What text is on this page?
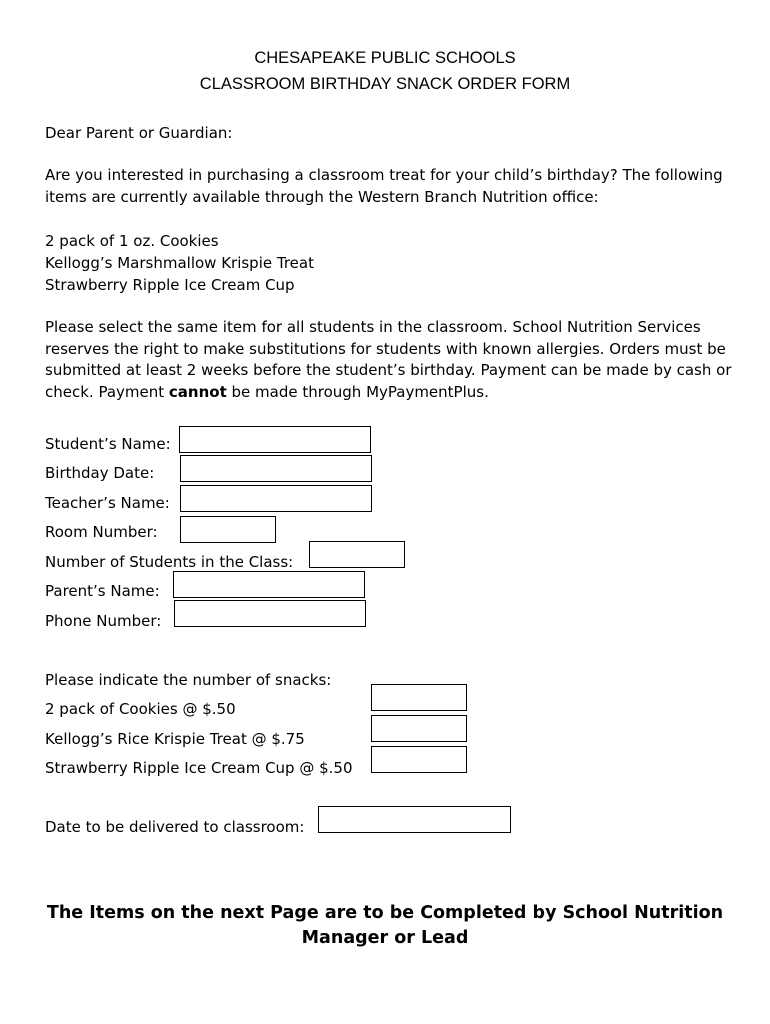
CHESAPEAKE PUBLIC SCHOOLS
CLASSROOM BIRTHDAY SNACK ORDER FORM
Dear Parent or Guardian:

Are you interested in purchasing a classroom treat for your child’s birthday? The following items are currently available through the Western Branch Nutrition office:

2 pack of 1 oz. Cookies
Kellogg’s Marshmallow Krispie Treat
Strawberry Ripple Ice Cream Cup

Please select the same item for all students in the classroom. School Nutrition Services reserves the right to make substitutions for students with known allergies. Orders must be submitted at least 2 weeks before the student’s birthday. Payment can be made by cash or check. Payment cannot be made through MyPaymentPlus.

Student’s Name:
Birthday Date:
Teacher’s Name:
Room Number:
Number of Students in the Class:
Parent’s Name:
Phone Number:
Please indicate the number of snacks:
2 pack of Cookies @ $.50
Kellogg’s Rice Krispie Treat @ $.75
Strawberry Ripple Ice Cream Cup @ $.50
Date to be delivered to classroom:
The Items on the next Page are to be Completed by School Nutrition
Manager or Lead
